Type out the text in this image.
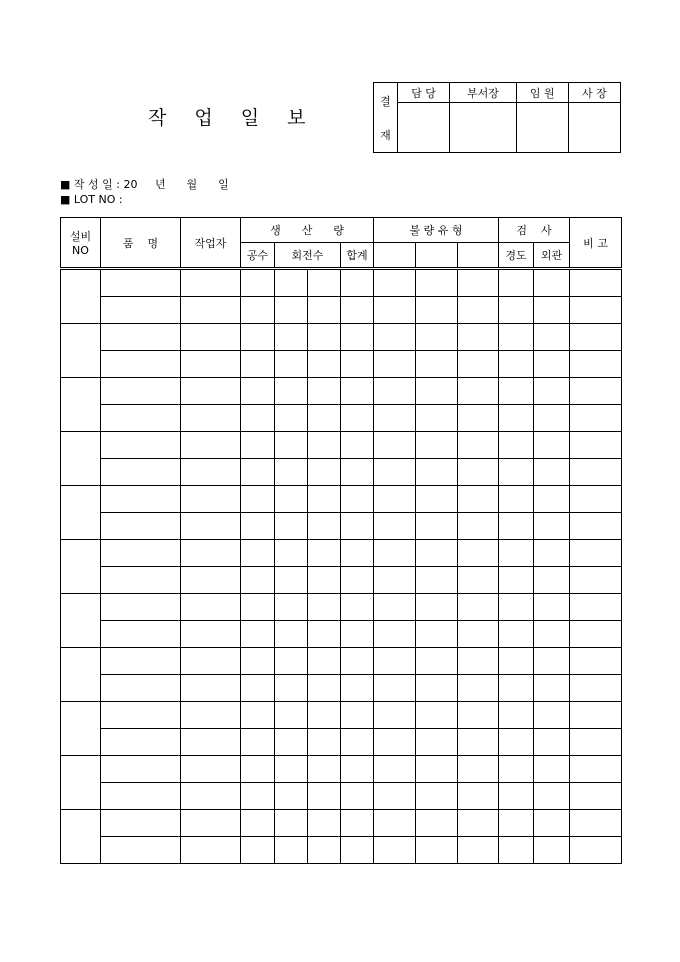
작 업 일 보
결
재	담 당	부서장	임 원	사 장

■ 작 성 일 : 20     년      월      일
■ LOT NO :
설비
NO	품    명	작업자	생      산      량				불 량 유 형			검    사		비 고
			공수	회전수		합계				경도	외관	
